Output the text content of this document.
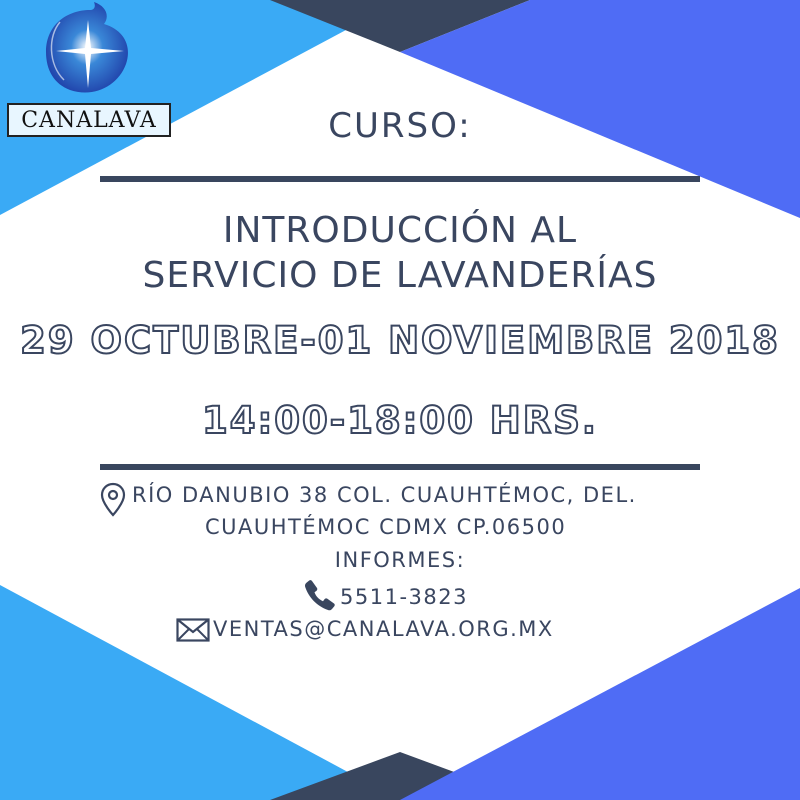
CANALAVA	CURSO:
INTRODUCCIÓN AL
SERVICIO DE LAVANDERÍAS
29 OCTUBRE-01 NOVIEMBRE 2018
14:00-18:00 HRS.
RÍO DANUBIO 38 COL. CUAUHTÉMOC, DEL.
CUAUHTÉMOC CDMX CP.06500
INFORMES:
5511-3823
VENTAS@CANALAVA.ORG.MX
